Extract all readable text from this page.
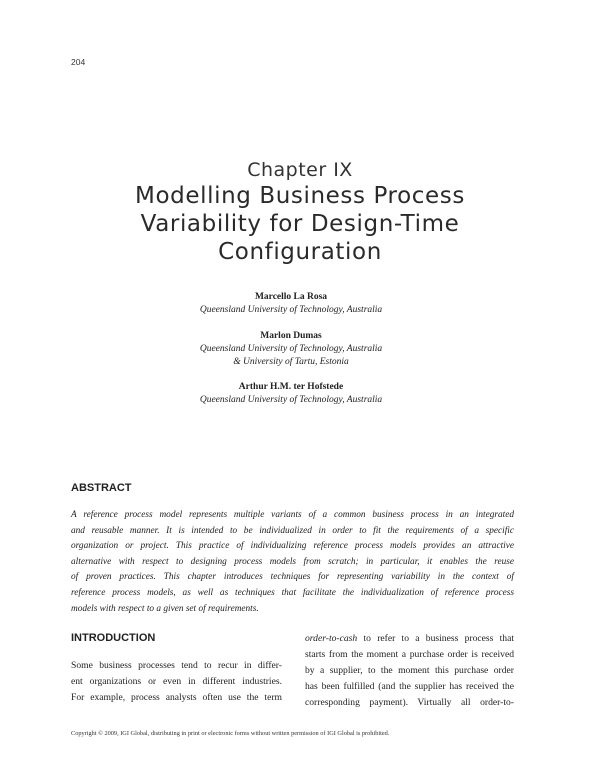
204
Chapter IX
Modelling Business Process
Variability for Design-Time
Configuration
Marcello La Rosa
Queensland University of Technology, Australia
Marlon Dumas
Queensland University of Technology, Australia
& University of Tartu, Estonia
Arthur H.M. ter Hofstede
Queensland University of Technology, Australia
ABSTRACT
A reference process model represents multiple variants of a common business process in an integrated
and reusable manner. It is intended to be individualized in order to fit the requirements of a specific
organization or project. This practice of individualizing reference process models provides an attractive
alternative with respect to designing process models from scratch; in particular, it enables the reuse
of proven practices. This chapter introduces techniques for representing variability in the context of
reference process models, as well as techniques that facilitate the individualization of reference process
models with respect to a given set of requirements.
INTRODUCTION
Some business processes tend to recur in differ-
ent organizations or even in different industries.
For example, process analysts often use the term
order-to-cash to refer to a business process that
starts from the moment a purchase order is received
by a supplier, to the moment this purchase order
has been fulfilled (and the supplier has received the
corresponding payment). Virtually all order-to-
Copyright © 2009, IGI Global, distributing in print or electronic forms without written permission of IGI Global is prohibited.
